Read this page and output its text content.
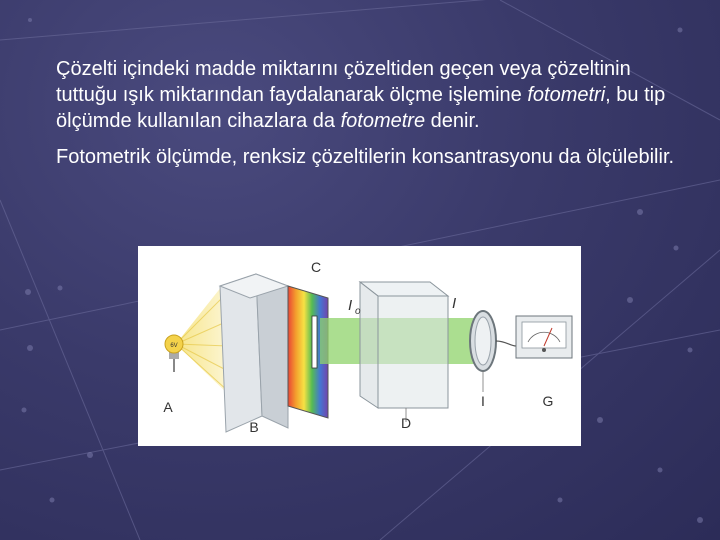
Çözelti içindeki madde miktarını çözeltiden geçen veya çözeltinin tuttuğu ışık miktarından faydalanarak ölçme işlemine fotometri, bu tip ölçümde kullanılan cihazlara da fotometre denir.

Fotometrik ölçümde, renksiz çözeltilerin konsantrasyonu da ölçülebilir.

6V
C
A
B	D
I	G
I o	I
